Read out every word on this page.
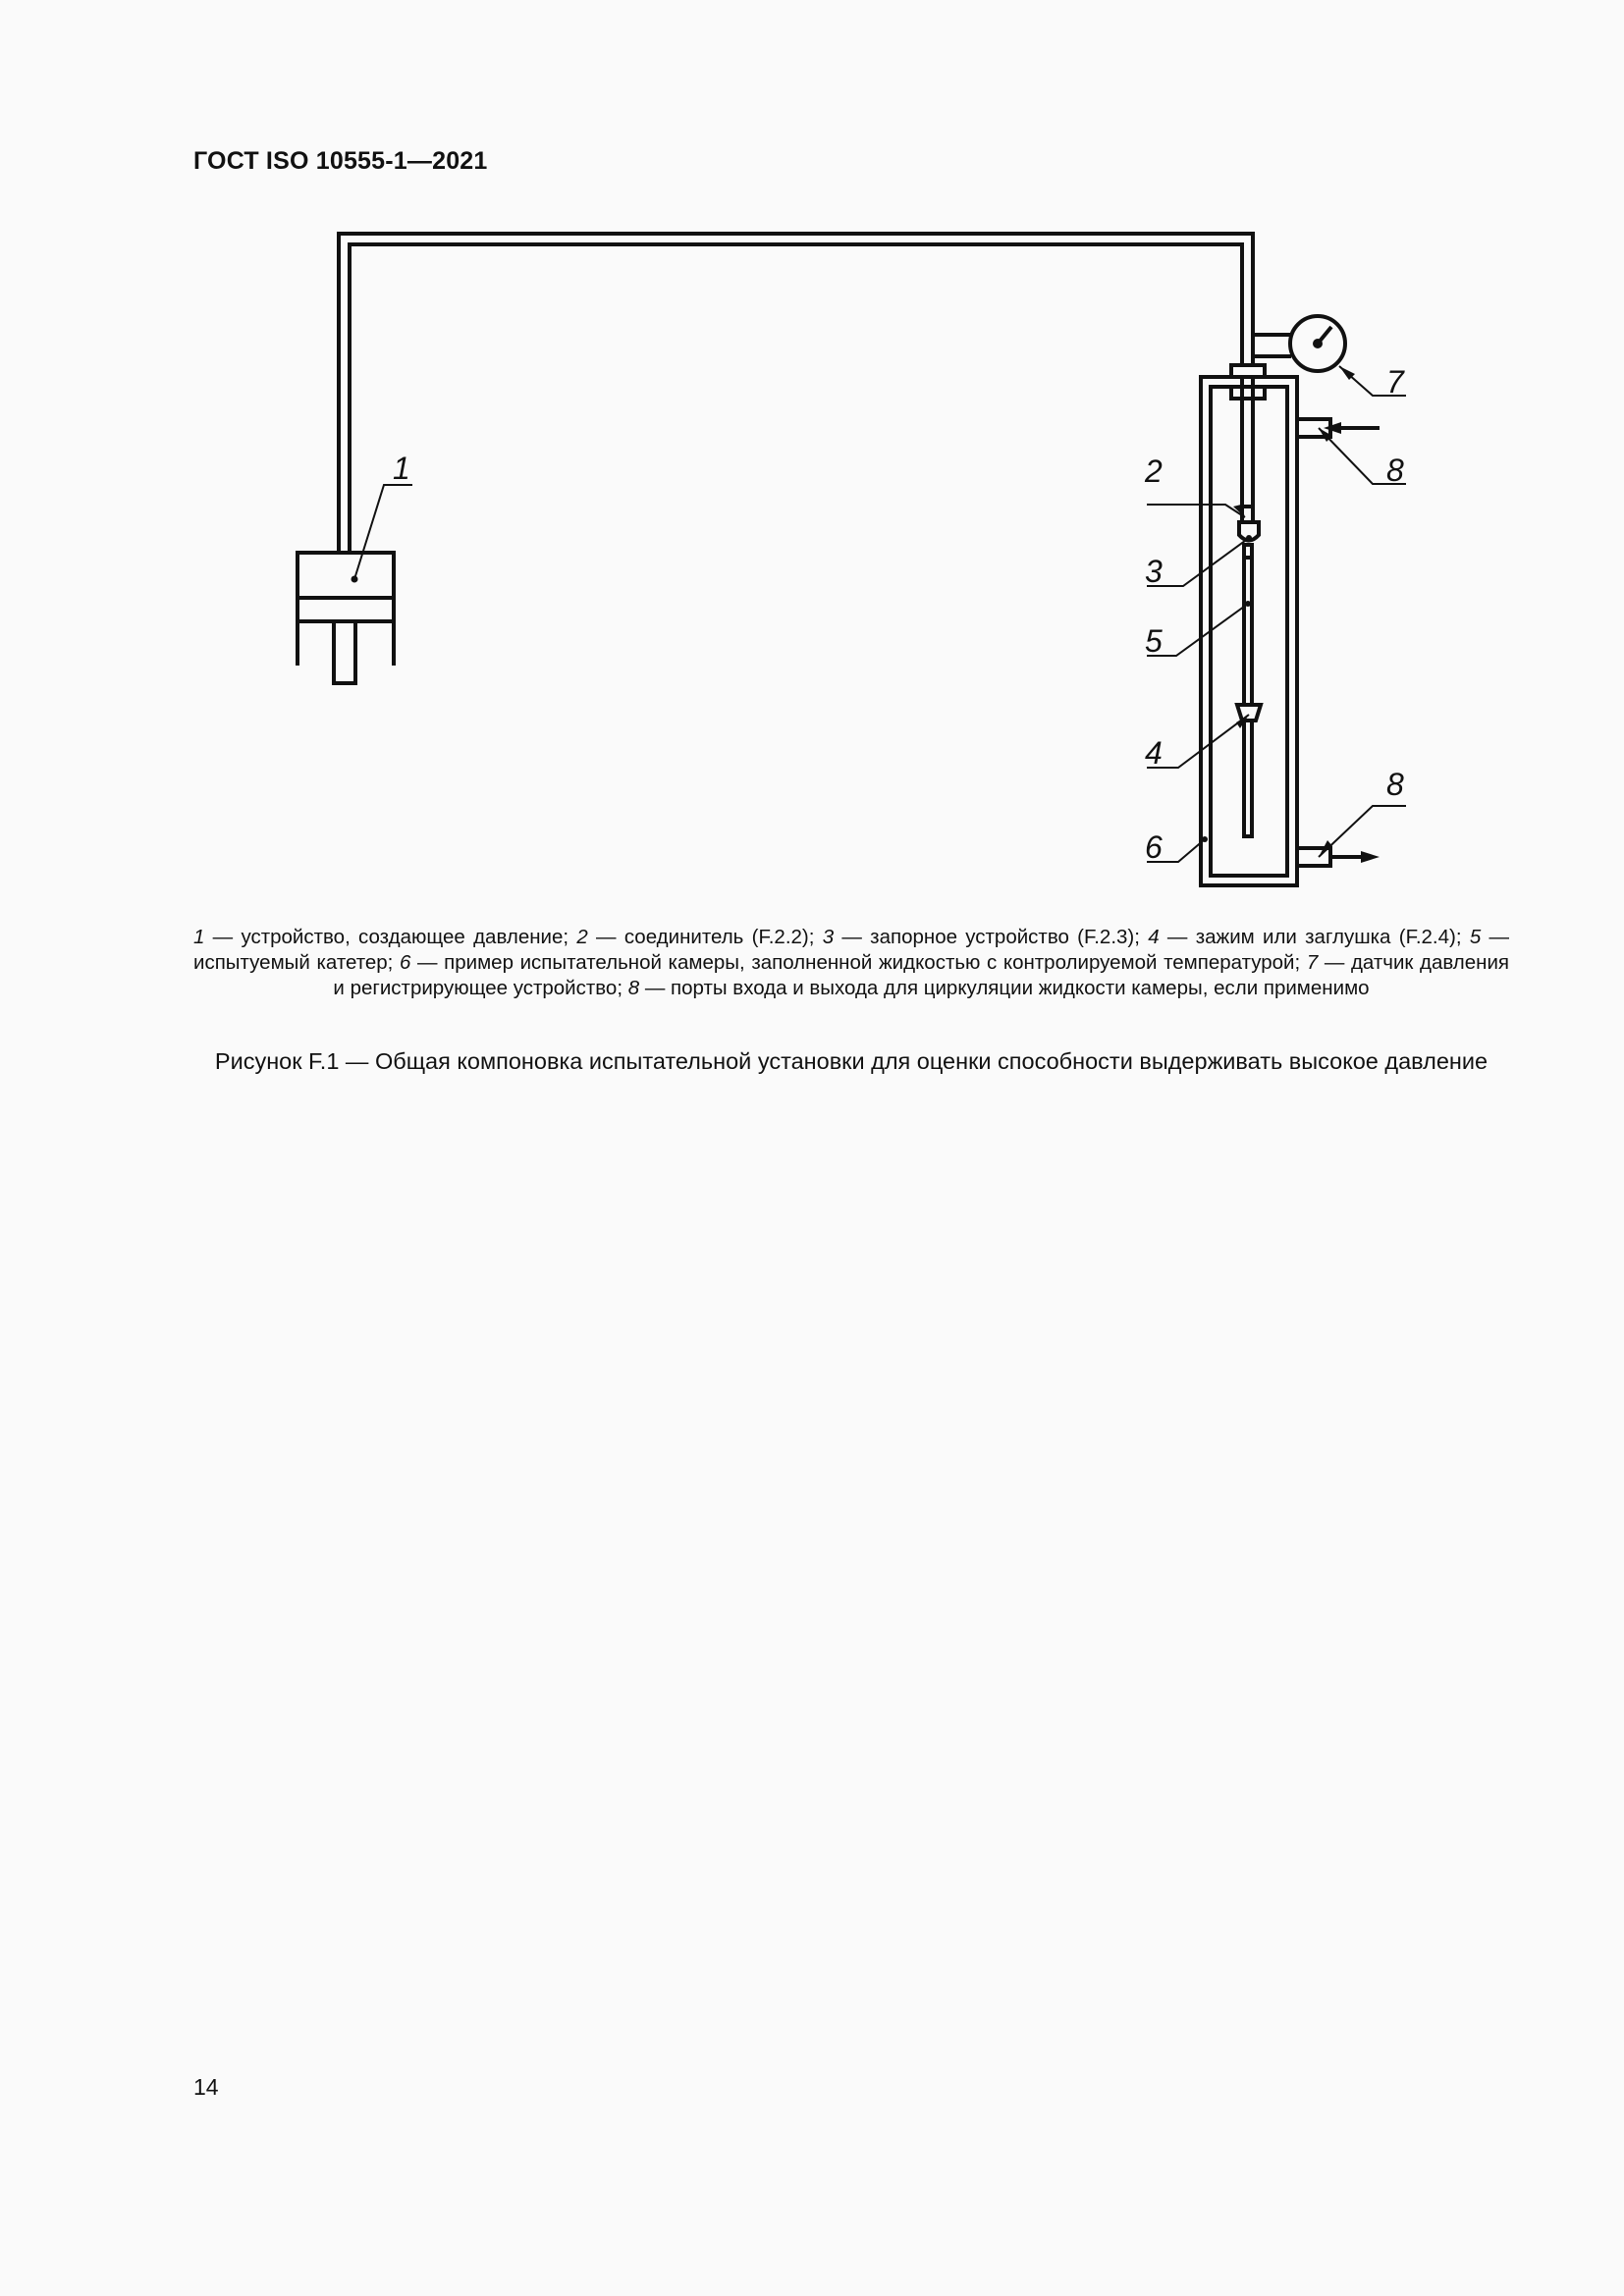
ГОСТ ISO 10555-1—2021
1	2
3
5
4
6
7
8
8
1 — устройство, создающее давление; 2 — соединитель (F.2.2); 3 — запорное устройство (F.2.3); 4 — зажим или заглушка (F.2.4); 5 — испытуемый катетер; 6 — пример испытательной камеры, заполненной жидкостью с контролируемой температурой; 7 — датчик давления и регистрирующее устройство; 8 — порты входа и выхода для циркуляции жидкости камеры, если применимо
Рисунок F.1 — Общая компоновка испытательной установки для оценки способности выдерживать высокое давление
14
